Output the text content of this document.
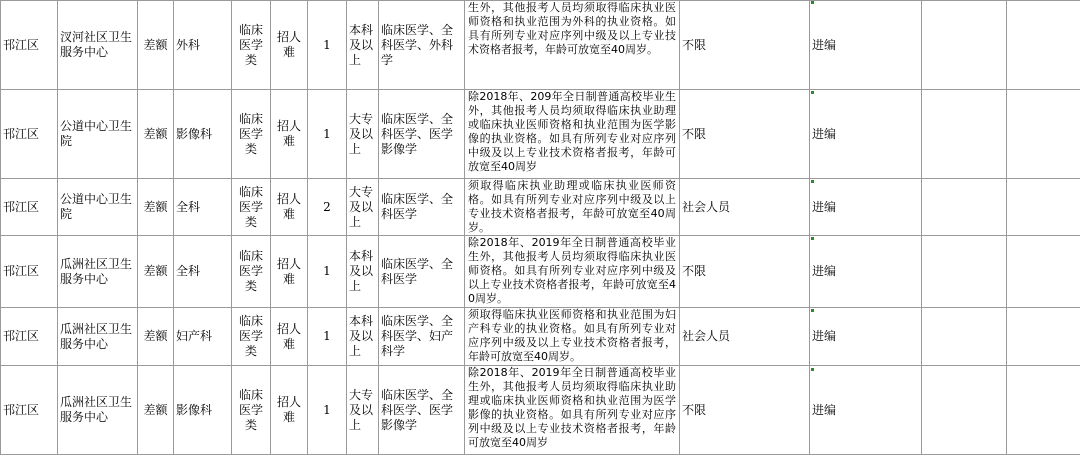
邗江区	汊河社区卫生服务中心	差额	外科	临床医学类	招人难	1	本科及以上	临床医学、全科医学、外科学	生外，其他报考人员均须取得临床执业医师资格和执业范围为外科的执业资格。如具有所列专业对应序列中级及以上专业技术资格者报考，年龄可放宽至40周岁。	不限	进编		
邗江区	公道中心卫生院	差额	影像科	临床医学类	招人难	1	大专及以上	临床医学、全科医学、医学影像学	除2018年、209年全日制普通高校毕业生外，其他报考人员均须取得临床执业助理或临床执业医师资格和执业范围为医学影像的执业资格。如具有所列专业对应序列中级及以上专业技术资格者报考，年龄可放宽至40周岁	不限	进编		
邗江区	公道中心卫生院	差额	全科	临床医学类	招人难	2	大专及以上	临床医学、全科医学	须取得临床执业助理或临床执业医师资格。如具有所列专业对应序列中级及以上专业技术资格者报考，年龄可放宽至40周岁。	社会人员	进编		
邗江区	瓜洲社区卫生服务中心	差额	全科	临床医学类	招人难	1	本科及以上	临床医学、全科医学	除2018年、2019年全日制普通高校毕业生外，其他报考人员均须取得临床执业医师资格。如具有所列专业对应序列中级及以上专业技术资格者报考，年龄可放宽至40周岁。	不限	进编		
邗江区	瓜洲社区卫生服务中心	差额	妇产科	临床医学类	招人难	1	本科及以上	临床医学、全科医学、妇产科学	须取得临床执业医师资格和执业范围为妇产科专业的执业资格。如具有所列专业对应序列中级及以上专业技术资格者报考，年龄可放宽至40周岁。	社会人员	进编		
邗江区	瓜洲社区卫生服务中心	差额	影像科	临床医学类	招人难	1	大专及以上	临床医学、全科医学、医学影像学	除2018年、2019年全日制普通高校毕业生外，其他报考人员均须取得临床执业助理或临床执业医师资格和执业范围为医学影像的执业资格。如具有所列专业对应序列中级及以上专业技术资格者报考，年龄可放宽至40周岁	不限	进编		
